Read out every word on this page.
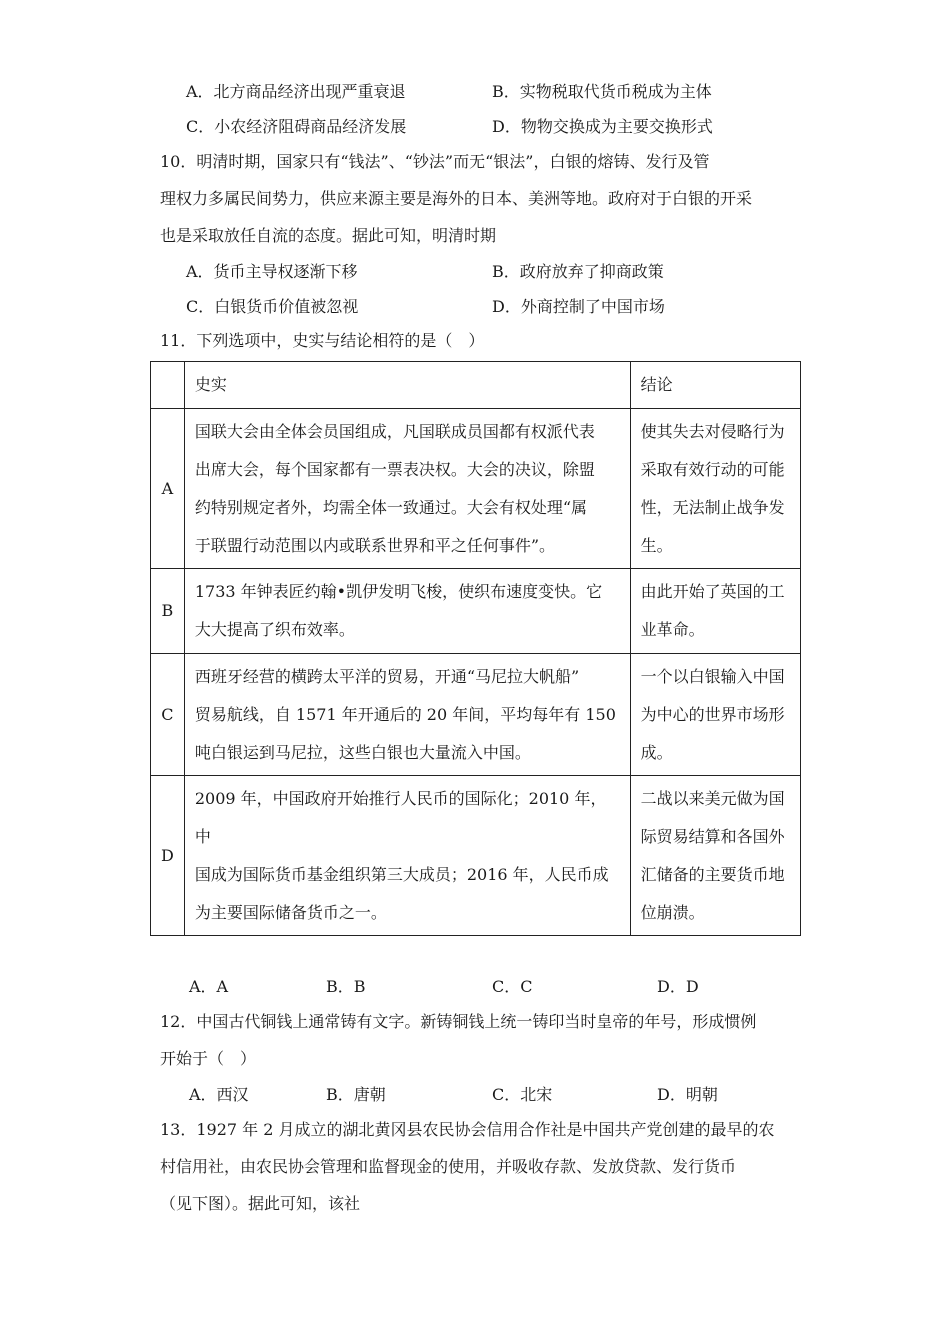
A．北方商品经济出现严重衰退	B．实物税取代货币税成为主体
C．小农经济阻碍商品经济发展	D．物物交换成为主要交换形式
10．明清时期，国家只有“钱法”、“钞法”而无“银法”，白银的熔铸、发行及管
理权力多属民间势力，供应来源主要是海外的日本、美洲等地。政府对于白银的开采
也是采取放任自流的态度。据此可知，明清时期
A．货币主导权逐渐下移	B．政府放弃了抑商政策
C．白银货币价值被忽视	D．外商控制了中国市场
11．下列选项中，史实与结论相符的是（　）
	史实	结论
A	国联大会由全体会员国组成，凡国联成员国都有权派代表
出席大会，每个国家都有一票表决权。大会的决议，除盟
约特别规定者外，均需全体一致通过。大会有权处理“属
于联盟行动范围以内或联系世界和平之任何事件”。	使其失去对侵略行为
采取有效行动的可能
性，无法制止战争发
生。

B	1733 年钟表匠约翰•凯伊发明飞梭，使织布速度变快。它
大大提高了织布效率。	由此开始了英国的工
业革命。

C	西班牙经营的横跨太平洋的贸易，开通“马尼拉大帆船”
贸易航线，自 1571 年开通后的 20 年间，平均每年有 150
吨白银运到马尼拉，这些白银也大量流入中国。	一个以白银输入中国
为中心的世界市场形
成。

D	2009 年，中国政府开始推行人民币的国际化；2010 年，中
国成为国际货币基金组织第三大成员；2016 年，人民币成
为主要国际储备货币之一。	二战以来美元做为国
际贸易结算和各国外
汇储备的主要货币地
位崩溃。
A．A	B．B	C．C	D．D
12．中国古代铜钱上通常铸有文字。新铸铜钱上统一铸印当时皇帝的年号，形成惯例
开始于（　）
A．西汉	B．唐朝	C．北宋	D．明朝
13．1927 年 2 月成立的湖北黄冈县农民协会信用合作社是中国共产党创建的最早的农
村信用社，由农民协会管理和监督现金的使用，并吸收存款、发放贷款、发行货币
（见下图）。据此可知，该社
